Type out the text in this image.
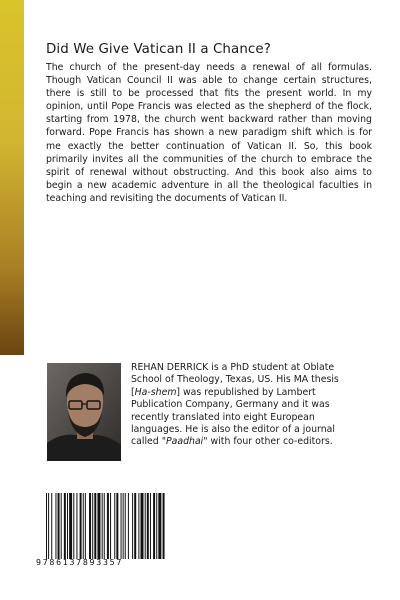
Did We Give Vatican II a Chance?

The church of the present-day needs a renewal of all formulas. Though Vatican Council II was able to change certain structures, there is still to be processed that fits the present world. In my opinion, until Pope Francis was elected as the shepherd of the flock, starting from 1978, the church went backward rather than moving forward. Pope Francis has shown a new paradigm shift which is for me exactly the better continuation of Vatican II. So, this book primarily invites all the communities of the church to embrace the spirit of renewal without obstructing. And this book also aims to begin a new academic adventure in all the theological faculties in teaching and revisiting the documents of Vatican II.

REHAN DERRICK is a PhD student at Oblate School of Theology, Texas, US. His MA thesis [Ha-shem] was republished by Lambert Publication Company, Germany and it was recently translated into eight European languages. He is also the editor of a journal called "Paadhai" with four other co-editors.

9786137893357
